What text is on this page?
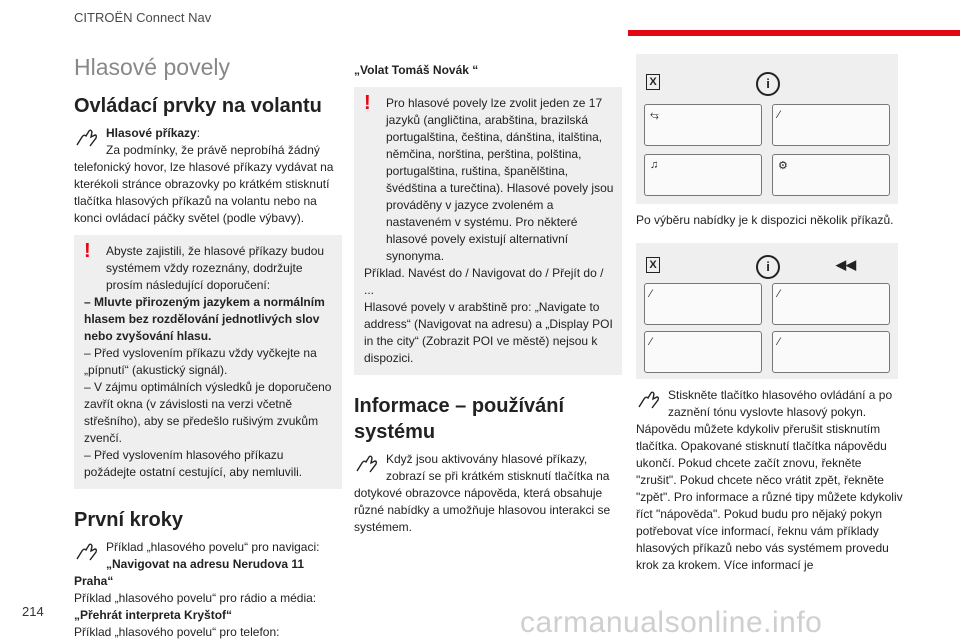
CITROËN Connect Nav
Hlasové povely
Ovládací prvky na volantu
Hlasové příkazy:
Za podmínky, že právě neprobíhá žádný telefonický hovor, lze hlasové příkazy vydávat na kterékoli stránce obrazovky po krátkém stisknutí tlačítka hlasových příkazů na volantu nebo na konci ovládací páčky světel (podle výbavy).
!	Abyste zajistili, že hlasové příkazy budou systémem vždy rozeznány, dodržujte prosím následující doporučení:

– Mluvte přirozeným jazykem a normálním hlasem bez rozdělování jednotlivých slov nebo zvyšování hlasu.

– Před vyslovením příkazu vždy vyčkejte na „pípnutí“ (akustický signál).

– V zájmu optimálních výsledků je doporučeno zavřít okna (v závislosti na verzi včetně střešního), aby se předešlo rušivým zvukům zvenčí.

– Před vyslovením hlasového příkazu požádejte ostatní cestující, aby nemluvili.

První kroky
Příklad „hlasového povelu“ pro navigaci:
„Navigovat na adresu Nerudova 11 Praha“
Příklad „hlasového povelu“ pro rádio a média:
„Přehrát interpreta Kryštof“
Příklad „hlasového povelu“ pro telefon:

„Volat Tomáš Novák “

!	Pro hlasové povely lze zvolit jeden ze 17 jazyků (angličtina, arabština, brazilská portugalština, čeština, dánština, italština, němčina, norština, perština, polština, portugalština, ruština, španělština, švédština a turečtina). Hlasové povely jsou prováděny v jazyce zvoleném a nastaveném v systému. Pro některé hlasové povely existují alternativní synonyma.

Příklad. Navést do / Navigovat do / Přejít do / ...

Hlasové povely v arabštině pro: „Navigate to address“ (Navigovat na adresu) a „Display POI in the city“ (Zobrazit POI ve městě) nejsou k dispozici.

Informace – používání systému
Když jsou aktivovány hlasové příkazy, zobrazí se při krátkém stisknutí tlačítka na dotykové obrazovce nápověda, která obsahuje různé nabídky a umožňuje hlasovou interakci se systémem.
X	i
⥃	⁄
♫	⚙

Po výběru nabídky je k dispozici několik příkazů.

X	i	◀◀
⁄	⁄
⁄	⁄
Stiskněte tlačítko hlasového ovládání a po zaznění tónu vyslovte hlasový pokyn. Nápovědu můžete kdykoliv přerušit stisknutím tlačítka. Opakované stisknutí tlačítka nápovědu ukončí. Pokud chcete začít znovu, řekněte "zrušit". Pokud chcete něco vrátit zpět, řekněte "zpět". Pro informace a různé tipy můžete kdykoliv říct "nápověda". Pokud budu pro nějaký pokyn potřebovat více informací, řeknu vám příklady hlasových příkazů nebo vás systémem provedu krok za krokem. Více informací je
214	carmanualsonline.info
